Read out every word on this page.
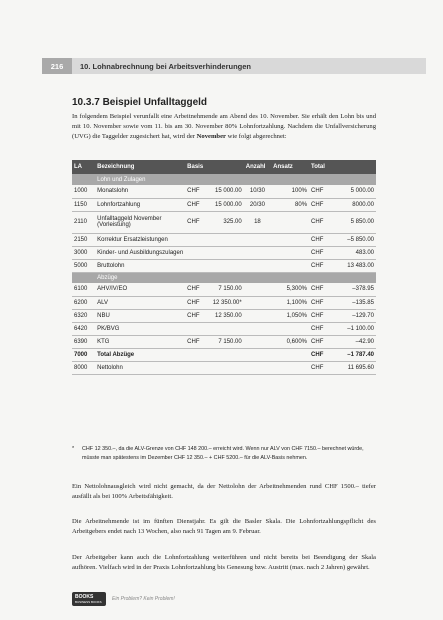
216	10. Lohnabrechnung bei Arbeitsverhinderungen
10.3.7 Beispiel Unfalltaggeld
In folgendem Beispiel verunfallt eine Arbeitnehmende am Abend des 10. November. Sie erhält den Lohn bis und mit 10. November sowie vom 11. bis am 30. November 80% Lohnfortzahlung. Nachdem die Unfallversicherung (UVG) die Taggelder zugesichert hat, wird der November wie folgt abgerechnet:
LA	Bezeichnung	Basis		Anzahl	Ansatz	Total	
	Lohn und Zulagen						
1000	Monatslohn	CHF	15 000.00	10/30	100%	CHF	5 000.00
1150	Lohnfortzahlung	CHF	15 000.00	20/30	80%	CHF	8000.00
2110	Unfalltaggeld November
(Vorleistung)	CHF	325.00	18		CHF	5 850.00
2150	Korrektur Ersatzleistungen					CHF	–5 850.00
3000	Kinder- und Ausbildungszulagen					CHF	483.00
5000	Bruttolohn					CHF	13 483.00
	Abzüge						
6100	AHV/IV/EO	CHF	7 150.00		5,300%	CHF	–378.95
6200	ALV	CHF	12 350.00*		1,100%	CHF	–135.85
6320	NBU	CHF	12 350.00		1,050%	CHF	–129.70
6420	PK/BVG					CHF	–1 100.00
6390	KTG	CHF	7 150.00		0,600%	CHF	–42.90
7000	Total Abzüge					CHF	–1 787.40
8000	Nettolohn					CHF	11 695.60
*	CHF 12 350.–, da die ALV-Grenze von CHF 148 200.– erreicht wird. Wenn nur ALV von CHF 7150.– berechnet würde, müsste man spätestens im Dezember CHF 12 350.– + CHF 5200.– für die ALV-Basis nehmen.
Ein Nettolohnausgleich wird nicht gemacht, da der Nettolohn der Arbeitnehmenden rund CHF 1500.– tiefer ausfällt als bei 100% Arbeitsfähigkeit.
Die Arbeitnehmende ist im fünften Dienstjahr. Es gilt die Basler Skala. Die Lohnfortzahlungspflicht des Arbeitgebers endet nach 13 Wochen, also nach 91 Tagen am 9. Februar.
Der Arbeitgeber kann auch die Lohnfortzahlung weiterführen und nicht bereits bei Beendigung der Skala aufhören. Vielfach wird in der Praxis Lohnfortzahlung bis Genesung bzw. Austritt (max. nach 2 Jahren) gewährt.
BOOKS
BUSINESS BOOKS	Ein Problem? Kein Problem!
